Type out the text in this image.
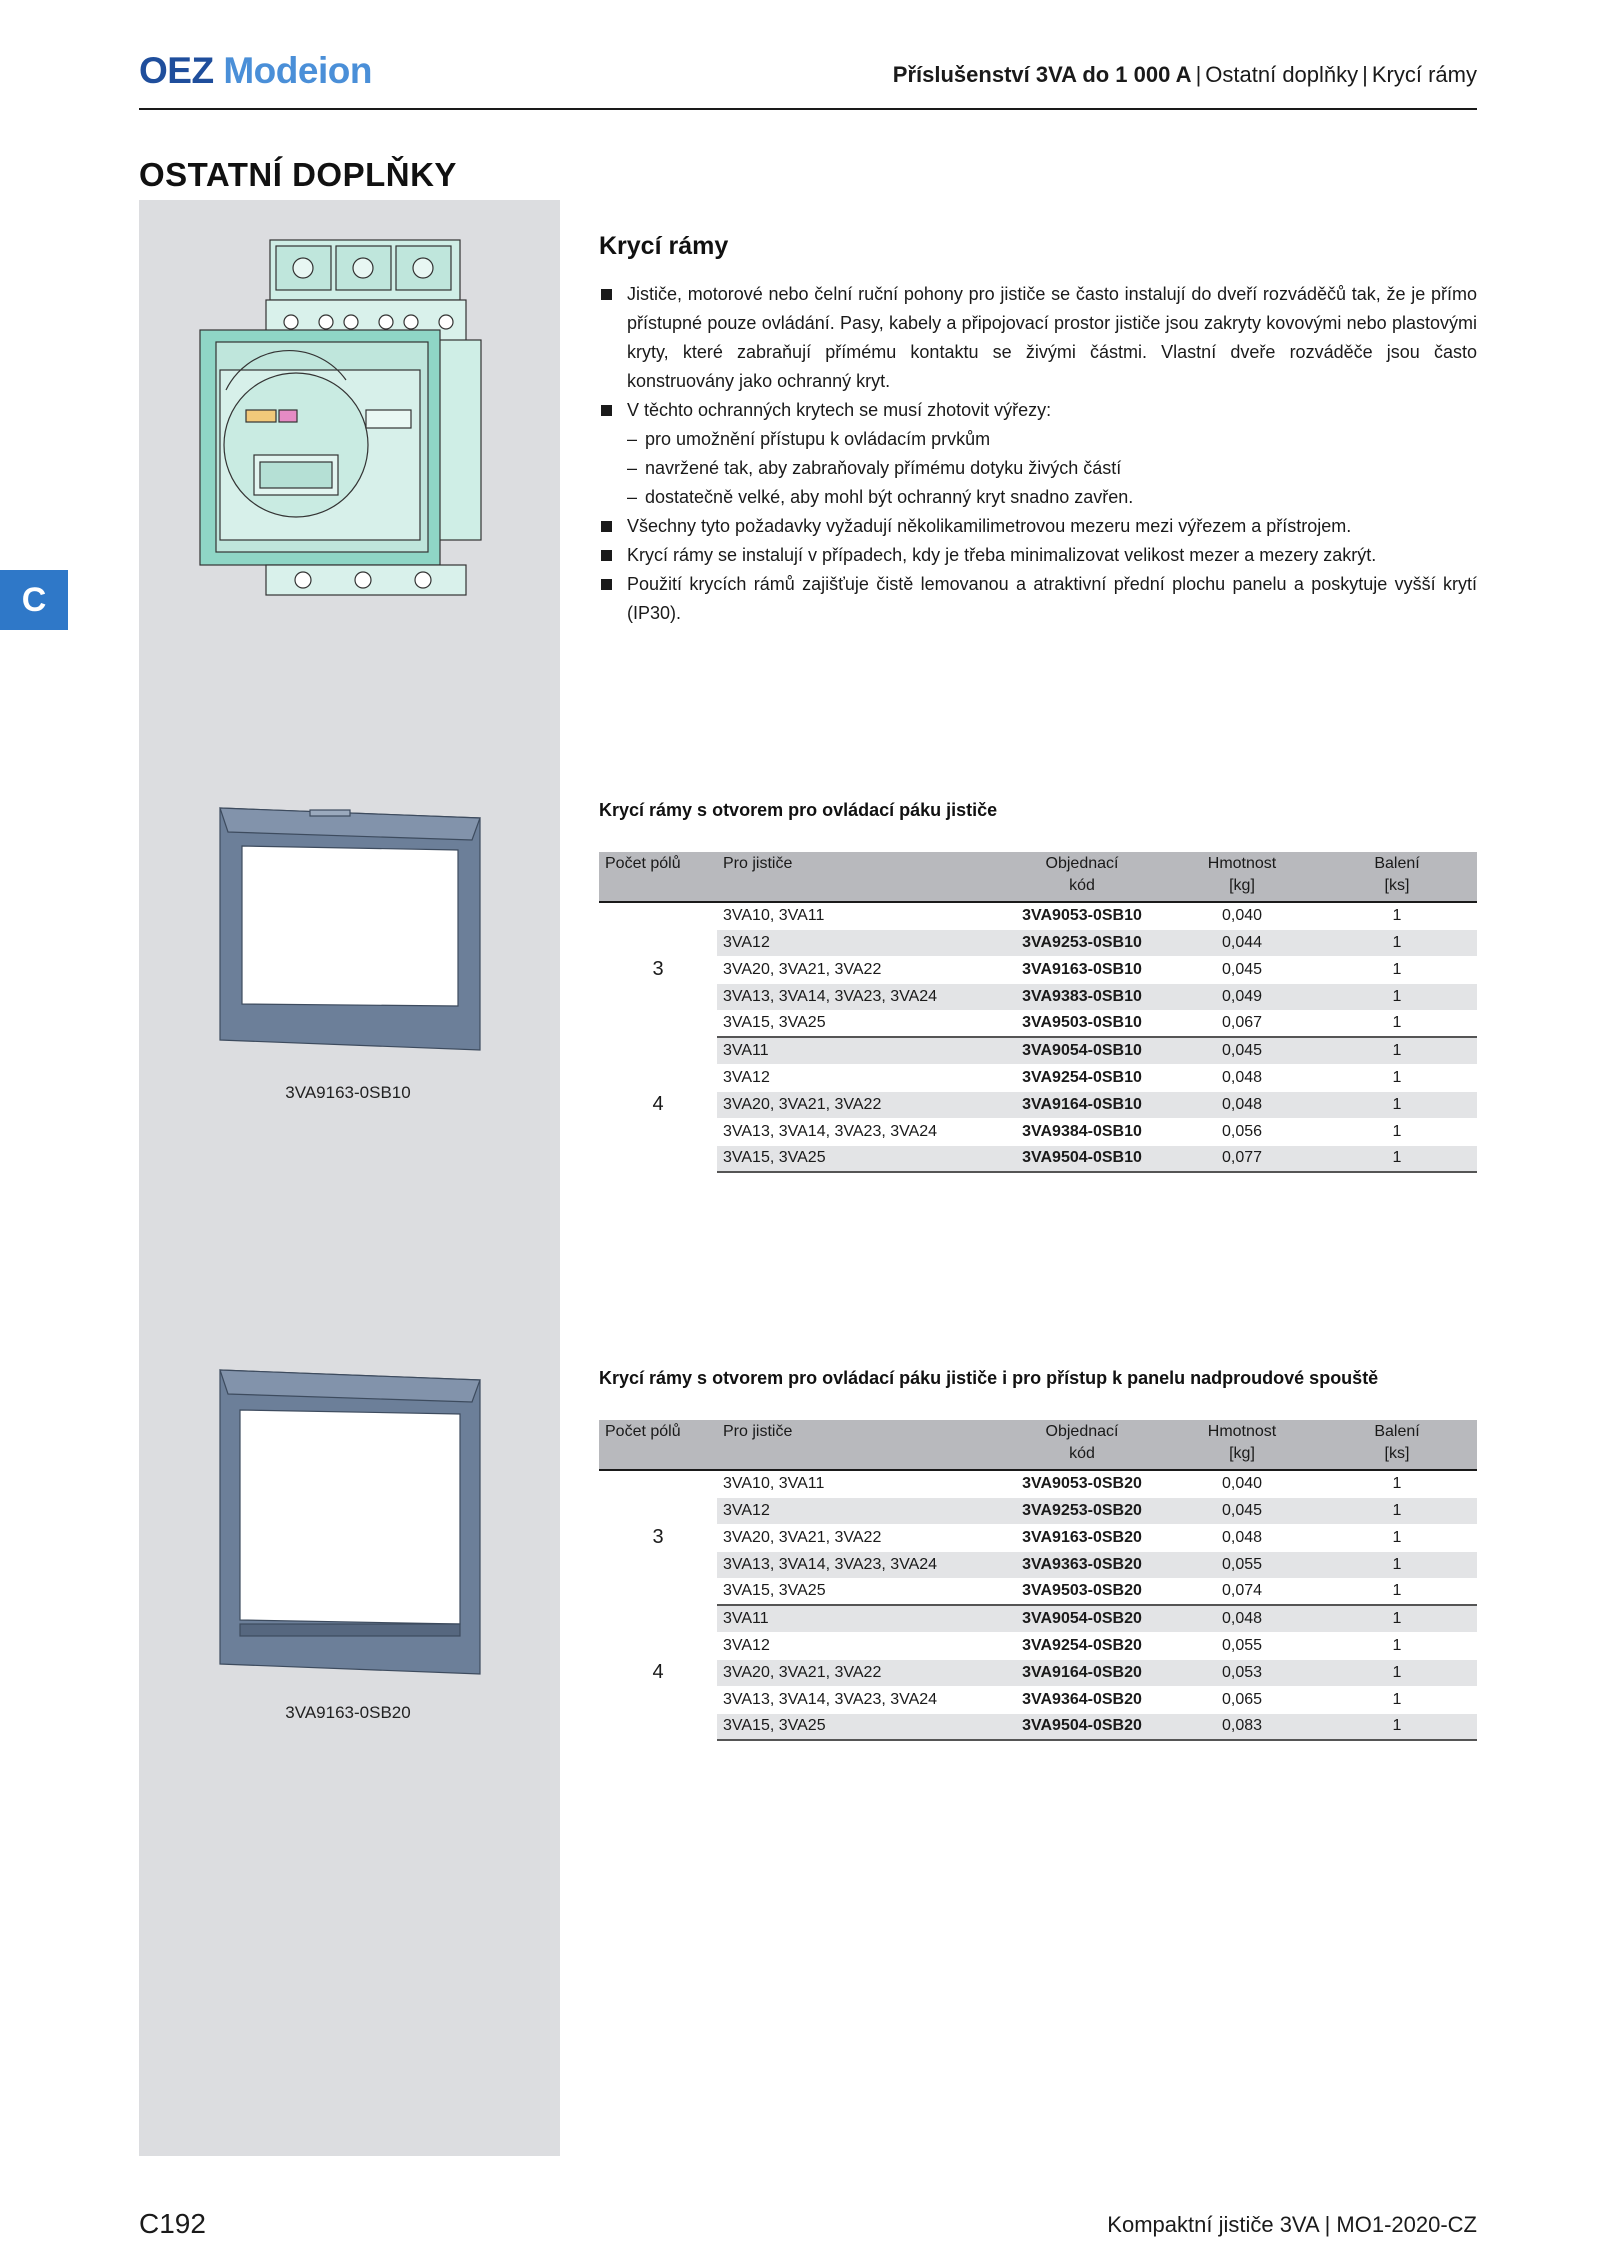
OEZ Modeion	Příslušenství 3VA do 1 000 A | Ostatní doplňky | Krycí rámy
OSTATNÍ DOPLŇKY
C
Krycí rámy

Jističe, motorové nebo čelní ruční pohony pro jističe se často instalují do dveří rozváděčů tak, že je přímo přístupné pouze ovládání. Pasy, kabely a připojovací prostor jističe jsou zakryty kovovými nebo plastovými kryty, které zabraňují přímému kontaktu se živými částmi. Vlastní dveře rozváděče jsou často konstruovány jako ochranný kryt.

V těchto ochranných krytech se musí zhotovit výřezy:

– pro umožnění přístupu k ovládacím prvkům

– navržené tak, aby zabraňovaly přímému dotyku živých částí

– dostatečně velké, aby mohl být ochranný kryt snadno zavřen.

Všechny tyto požadavky vyžadují několikamilimetrovou mezeru mezi výřezem a přístrojem.

Krycí rámy se instalují v případech, kdy je třeba minimalizovat velikost mezer a mezery zakrýt.

Použití krycích rámů zajišťuje čistě lemovanou a atraktivní přední plochu panelu a poskytuje vyšší krytí (IP30).

3VA9163-0SB10
3VA9163-0SB20
Krycí rámy s otvorem pro ovládací páku jističe
Počet pólů	Pro jističe	Objednací	Hmotnost	Balení
		kód	[kg]	[ks]
3	3VA10, 3VA11	3VA9053-0SB10	0,040	1
	3VA12	3VA9253-0SB10	0,044	1
	3VA20, 3VA21, 3VA22	3VA9163-0SB10	0,045	1
	3VA13, 3VA14, 3VA23, 3VA24	3VA9383-0SB10	0,049	1
	3VA15, 3VA25	3VA9503-0SB10	0,067	1
4	3VA11	3VA9054-0SB10	0,045	1
	3VA12	3VA9254-0SB10	0,048	1
	3VA20, 3VA21, 3VA22	3VA9164-0SB10	0,048	1
	3VA13, 3VA14, 3VA23, 3VA24	3VA9384-0SB10	0,056	1
	3VA15, 3VA25	3VA9504-0SB10	0,077	1
Krycí rámy s otvorem pro ovládací páku jističe i pro přístup k panelu nadproudové spouště
Počet pólů	Pro jističe	Objednací	Hmotnost	Balení
		kód	[kg]	[ks]
3	3VA10, 3VA11	3VA9053-0SB20	0,040	1
	3VA12	3VA9253-0SB20	0,045	1
	3VA20, 3VA21, 3VA22	3VA9163-0SB20	0,048	1
	3VA13, 3VA14, 3VA23, 3VA24	3VA9363-0SB20	0,055	1
	3VA15, 3VA25	3VA9503-0SB20	0,074	1
4	3VA11	3VA9054-0SB20	0,048	1
	3VA12	3VA9254-0SB20	0,055	1
	3VA20, 3VA21, 3VA22	3VA9164-0SB20	0,053	1
	3VA13, 3VA14, 3VA23, 3VA24	3VA9364-0SB20	0,065	1
	3VA15, 3VA25	3VA9504-0SB20	0,083	1
C192	Kompaktní jističe 3VA | MO1-2020-CZ
